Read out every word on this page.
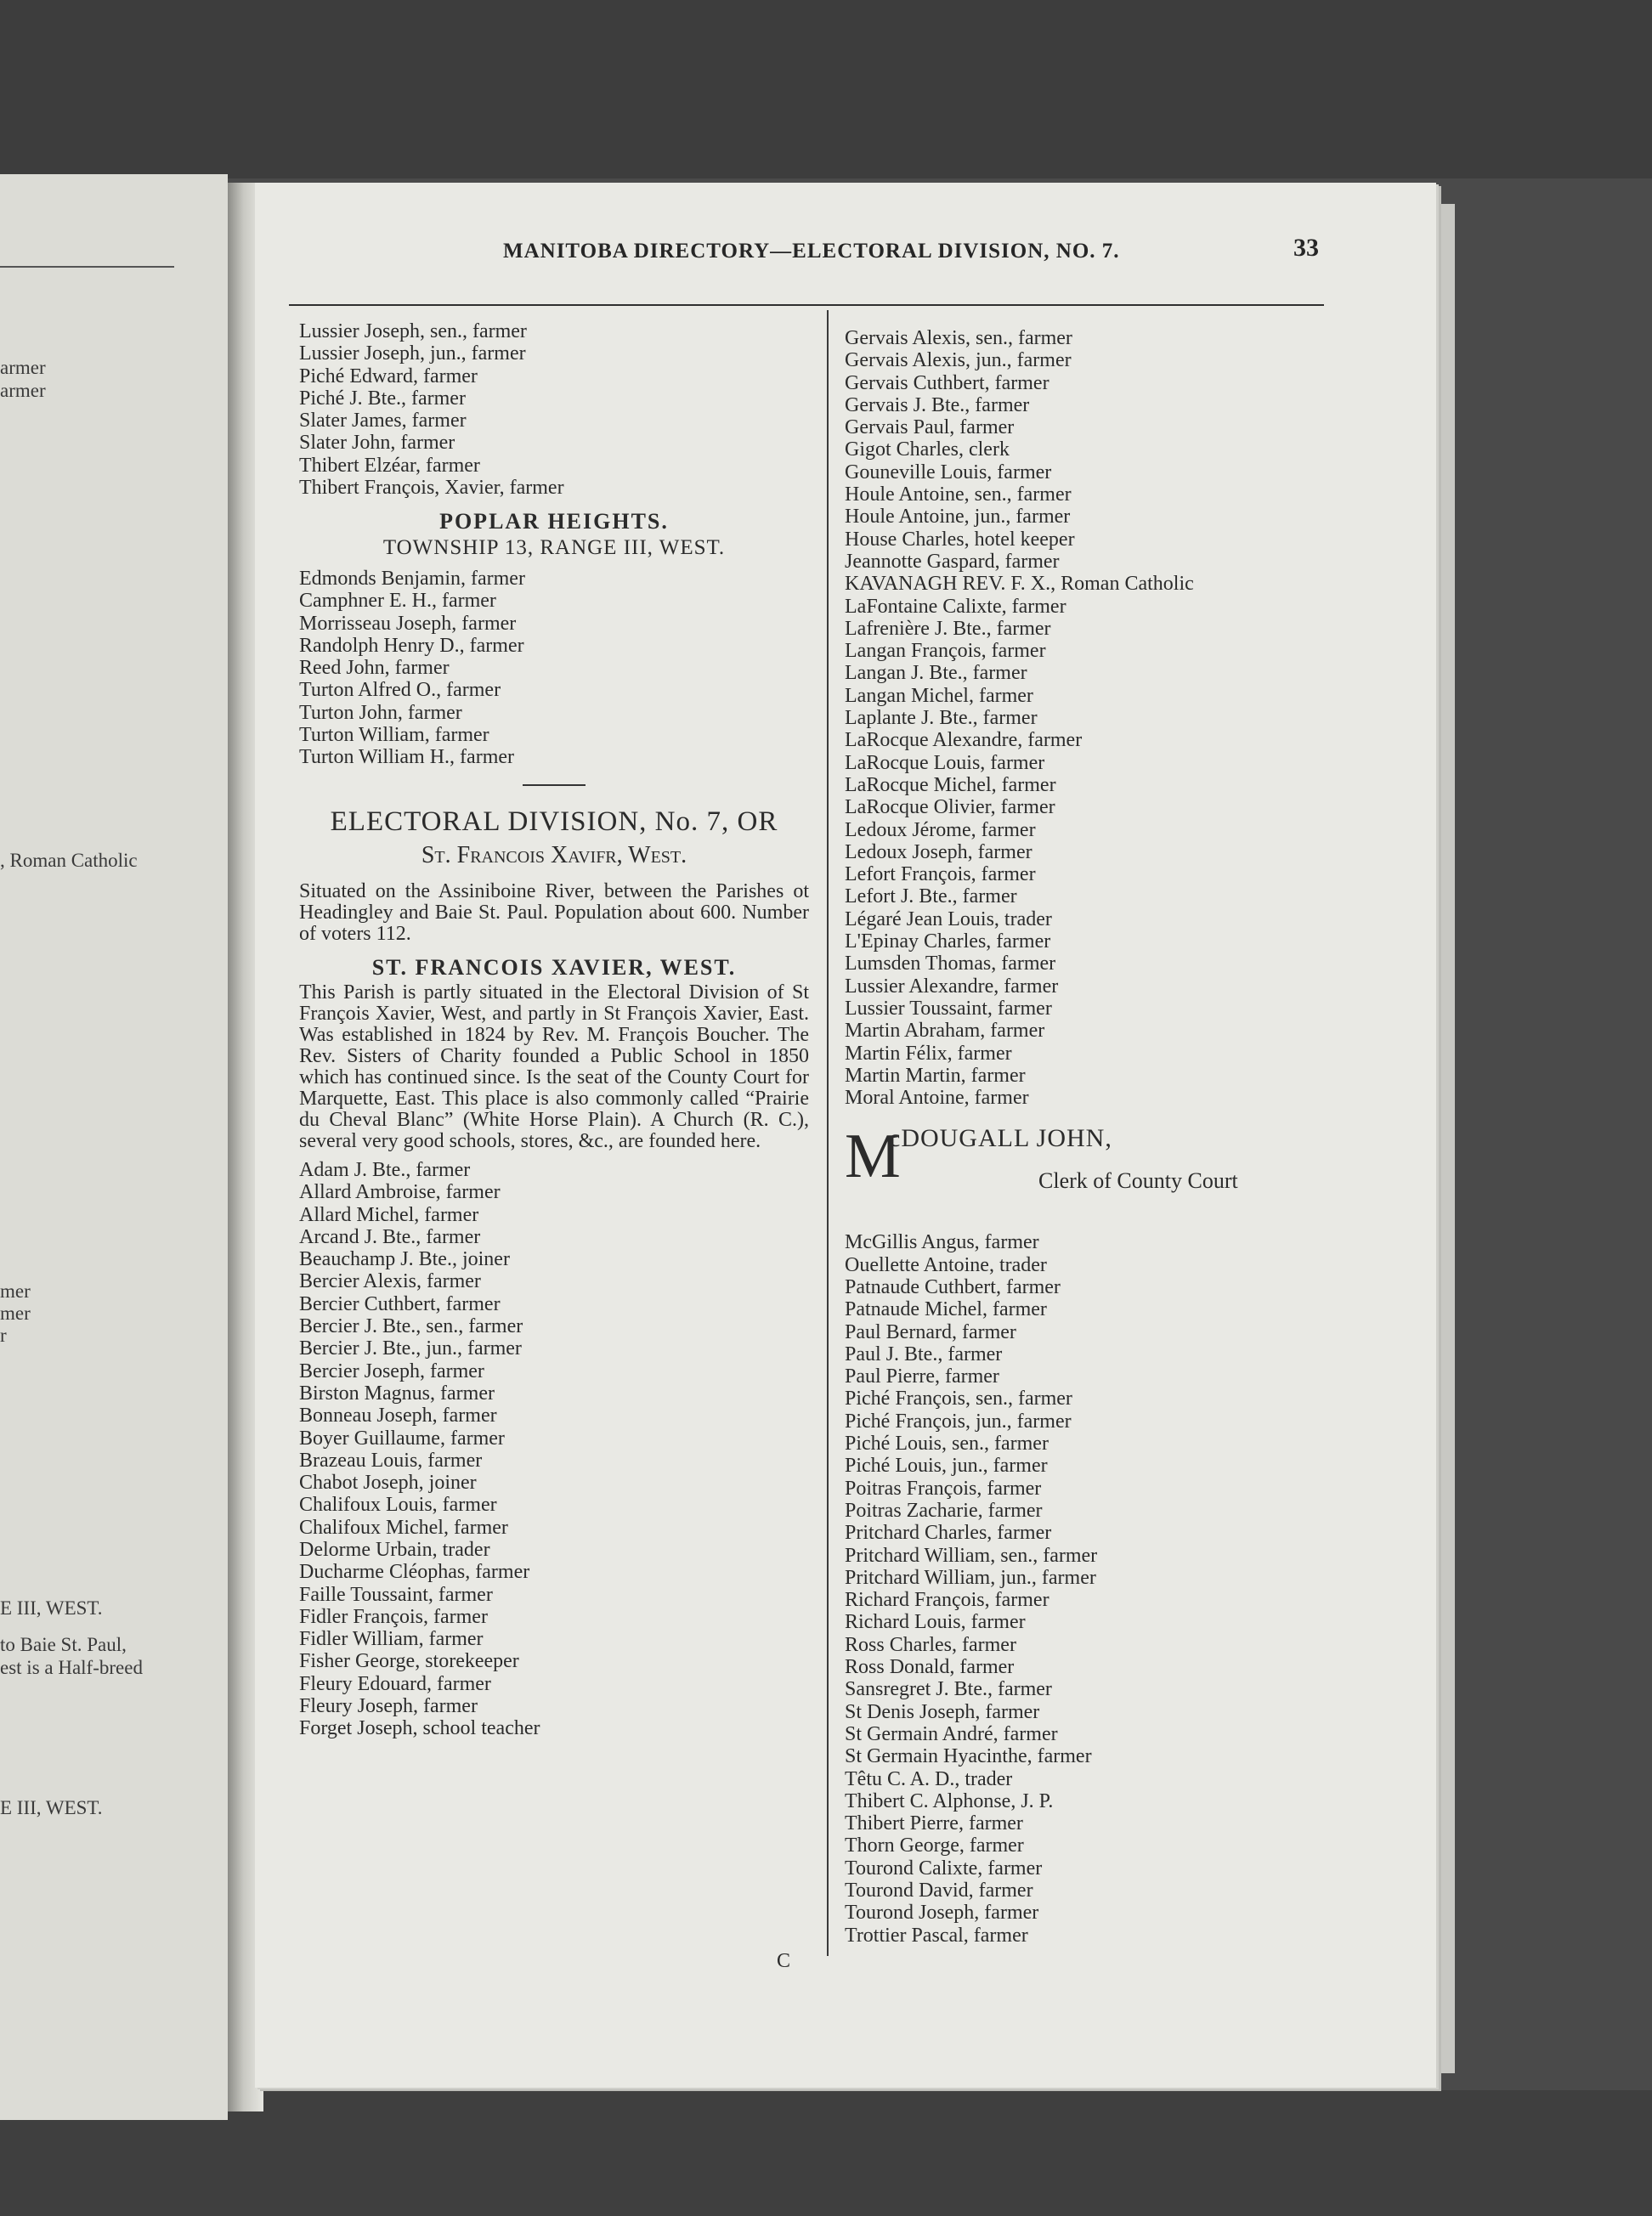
armer
armer
, Roman Catholic
mer
mer
r
E III, WEST.
to Baie St. Paul,
est is a Half-breed
E III, WEST.
MANITOBA DIRECTORY—ELECTORAL DIVISION, NO. 7.	33
Lussier Joseph, sen., farmer
Lussier Joseph, jun., farmer
Piché Edward, farmer
Piché J. Bte., farmer
Slater James, farmer
Slater John, farmer
Thibert Elzéar, farmer
Thibert François, Xavier, farmer
POPLAR HEIGHTS.
TOWNSHIP 13, RANGE III, WEST.
Edmonds Benjamin, farmer
Camphner E. H., farmer
Morrisseau Joseph, farmer
Randolph Henry D., farmer
Reed John, farmer
Turton Alfred O., farmer
Turton John, farmer
Turton William, farmer
Turton William H., farmer
ELECTORAL DIVISION, No. 7, OR
St. Francois Xavifr, West.
Situated on the Assiniboine River, between the Parishes ot Headingley and Baie St. Paul. Population about 600. Number of voters 112.
ST. FRANCOIS XAVIER, WEST.
This Parish is partly situated in the Electoral Division of St François Xavier, West, and partly in St François Xavier, East. Was established in 1824 by Rev. M. François Boucher. The Rev. Sisters of Charity founded a Public School in 1850 which has continued since. Is the seat of the County Court for Marquette, East. This place is also commonly called “Prairie du Cheval Blanc” (White Horse Plain). A Church (R. C.), several very good schools, stores, &c., are founded here.
Adam J. Bte., farmer
Allard Ambroise, farmer
Allard Michel, farmer
Arcand J. Bte., farmer
Beauchamp J. Bte., joiner
Bercier Alexis, farmer
Bercier Cuthbert, farmer
Bercier J. Bte., sen., farmer
Bercier J. Bte., jun., farmer
Bercier Joseph, farmer
Birston Magnus, farmer
Bonneau Joseph, farmer
Boyer Guillaume, farmer
Brazeau Louis, farmer
Chabot Joseph, joiner
Chalifoux Louis, farmer
Chalifoux Michel, farmer
Delorme Urbain, trader
Ducharme Cléophas, farmer
Faille Toussaint, farmer
Fidler François, farmer
Fidler William, farmer
Fisher George, storekeeper
Fleury Edouard, farmer
Fleury Joseph, farmer
Forget Joseph, school teacher
Gervais Alexis, sen., farmer
Gervais Alexis, jun., farmer
Gervais Cuthbert, farmer
Gervais J. Bte., farmer
Gervais Paul, farmer
Gigot Charles, clerk
Gouneville Louis, farmer
Houle Antoine, sen., farmer
Houle Antoine, jun., farmer
House Charles, hotel keeper
Jeannotte Gaspard, farmer
KAVANAGH REV. F. X., Roman Catholic
LaFontaine Calixte, farmer
Lafrenière J. Bte., farmer
Langan François, farmer
Langan J. Bte., farmer
Langan Michel, farmer
Laplante J. Bte., farmer
LaRocque Alexandre, farmer
LaRocque Louis, farmer
LaRocque Michel, farmer
LaRocque Olivier, farmer
Ledoux Jérome, farmer
Ledoux Joseph, farmer
Lefort François, farmer
Lefort J. Bte., farmer
Légaré Jean Louis, trader
L'Epinay Charles, farmer
Lumsden Thomas, farmer
Lussier Alexandre, farmer
Lussier Toussaint, farmer
Martin Abraham, farmer
Martin Félix, farmer
Martin Martin, farmer
Moral Antoine, farmer
M
cDOUGALL JOHN,
Clerk of County Court
McGillis Angus, farmer
Ouellette Antoine, trader
Patnaude Cuthbert, farmer
Patnaude Michel, farmer
Paul Bernard, farmer
Paul J. Bte., farmer
Paul Pierre, farmer
Piché François, sen., farmer
Piché François, jun., farmer
Piché Louis, sen., farmer
Piché Louis, jun., farmer
Poitras François, farmer
Poitras Zacharie, farmer
Pritchard Charles, farmer
Pritchard William, sen., farmer
Pritchard William, jun., farmer
Richard François, farmer
Richard Louis, farmer
Ross Charles, farmer
Ross Donald, farmer
Sansregret J. Bte., farmer
St Denis Joseph, farmer
St Germain André, farmer
St Germain Hyacinthe, farmer
Têtu C. A. D., trader
Thibert C. Alphonse, J. P.
Thibert Pierre, farmer
Thorn George, farmer
Tourond Calixte, farmer
Tourond David, farmer
Tourond Joseph, farmer
Trottier Pascal, farmer
C
